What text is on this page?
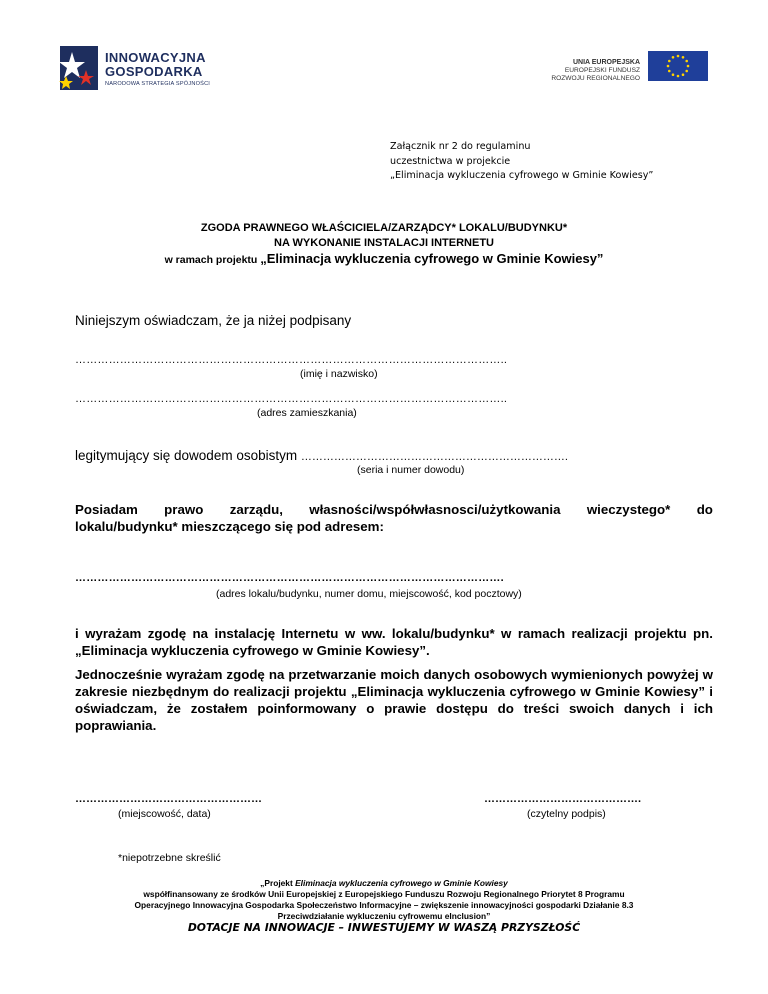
INNOWACYJNA
GOSPODARKA
NARODOWA STRATEGIA SPÓJNOŚCI
UNIA EUROPEJSKA
EUROPEJSKI FUNDUSZ
ROZWOJU REGIONALNEGO
Załącznik nr 2 do regulaminu
uczestnictwa w projekcie
„Eliminacja wykluczenia cyfrowego w Gminie Kowiesy”
ZGODA PRAWNEGO WŁAŚCICIELA/ZARZĄDCY* LOKALU/BUDYNKU*
NA WYKONANIE INSTALACJI INTERNETU
w ramach projektu „Eliminacja wykluczenia cyfrowego w Gminie Kowiesy”
Niniejszym oświadczam, że ja niżej podpisany
……………………………………………………………………………………………………..
(imię i nazwisko)
……………………………………………………………………………………………………..
(adres zamieszkania)
legitymujący się dowodem osobistym ……………………………………………………………….
(seria i numer dowodu)
Posiadam prawo zarządu, własności/współwłasnosci/użytkowania wieczystego* do
lokalu/budynku* mieszczącego się pod adresem:
…………………………………………………………………………………………………….
(adres lokalu/budynku, numer domu, miejscowość, kod pocztowy)
i wyrażam zgodę na instalację Internetu w ww. lokalu/budynku* w ramach realizacji projektu pn. „Eliminacja wykluczenia cyfrowego w Gminie Kowiesy”.
Jednocześnie wyrażam zgodę na przetwarzanie moich danych osobowych wymienionych powyżej w zakresie niezbędnym do realizacji projektu „Eliminacja wykluczenia cyfrowego w Gminie Kowiesy” i oświadczam, że zostałem poinformowany o prawie dostępu do treści swoich danych i ich poprawiania.
……………………………………………
(miejscowość, data)
…………………………………….
(czytelny podpis)
*niepotrzebne skreślić
„Projekt Eliminacja wykluczenia cyfrowego w Gminie Kowiesy
współfinansowany ze środków Unii Europejskiej z Europejskiego Funduszu Rozwoju Regionalnego Priorytet 8 Programu
Operacyjnego Innowacyjna Gospodarka Społeczeństwo Informacyjne – zwiększenie innowacyjności gospodarki Działanie 8.3
Przeciwdziałanie wykluczeniu cyfrowemu eInclusion”
DOTACJE NA INNOWACJE – INWESTUJEMY W WASZĄ PRZYSZŁOŚĆ
